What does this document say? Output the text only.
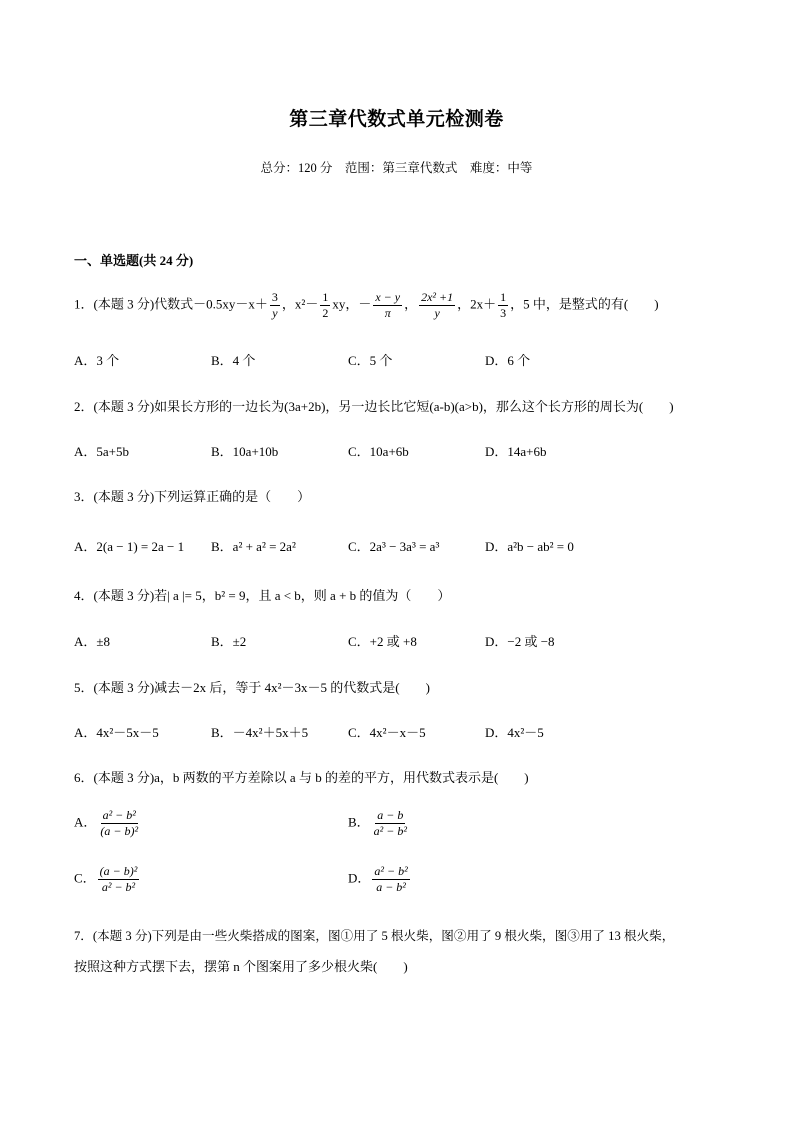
第三章代数式单元检测卷
总分：120 分　范围：第三章代数式　难度：中等
一、单选题(共 24 分)
1．(本题 3 分)代数式$-0.5xy-x+ \frac{3}{y}$ ，$x^2- \frac{1}{2}$ xy，－ $\frac{x - y}{\pi}$ ， $\frac{\text{2x² +1}}{y}$ ，$2x+ \frac{1}{3}$ ，5 中，是整式的有(　　)
A．3 个	B．4 个	C．5 个	D．6 个
2．(本题 3 分)如果长方形的一边长为(3a+2b)，另一边长比它短(a-b)(a>b)，那么这个长方形的周长为(　　)
A．5a+5b	B．10a+10b	C．10a+6b	D．14a+6b
3．(本题 3 分)下列运算正确的是（　　）
A．2(a − 1) = 2a − 1 B．a² + a² = 2a²	C．2a³ − 3a³ = a³	D．a²b − ab² = 0
4．(本题 3 分)若| a |= 5，b² = 9，且 a < b，则 a + b 的值为（　　）
A．±8	B．±2	C．+2 或 +8	D．−2 或 −8
5．(本题 3 分)减去－2x 后，等于 4x²－3x－5 的代数式是(　　)
A．4x²－5x－5	B．－4x²＋5x＋5	C．4x²－x－5	D．4x²－5
6．(本题 3 分)a，b 两数的平方差除以 a 与 b 的差的平方，用代数式表示是(　　)
A． $\frac{\text{a² − b²}}{\text{(a − b)²}}$	B． $\frac{a - b}{\text{a² − b²}}$
C． $\frac{\text{(a − b)²}}{\text{a² − b²}}$	D． $\frac{\text{a² − b²}}{\text{a − b²}}$
7．(本题 3 分)下列是由一些火柴搭成的图案，图①用了 5 根火柴，图②用了 9 根火柴，图③用了 13 根火柴，
按照这种方式摆下去，摆第 n 个图案用了多少根火柴(　　)
